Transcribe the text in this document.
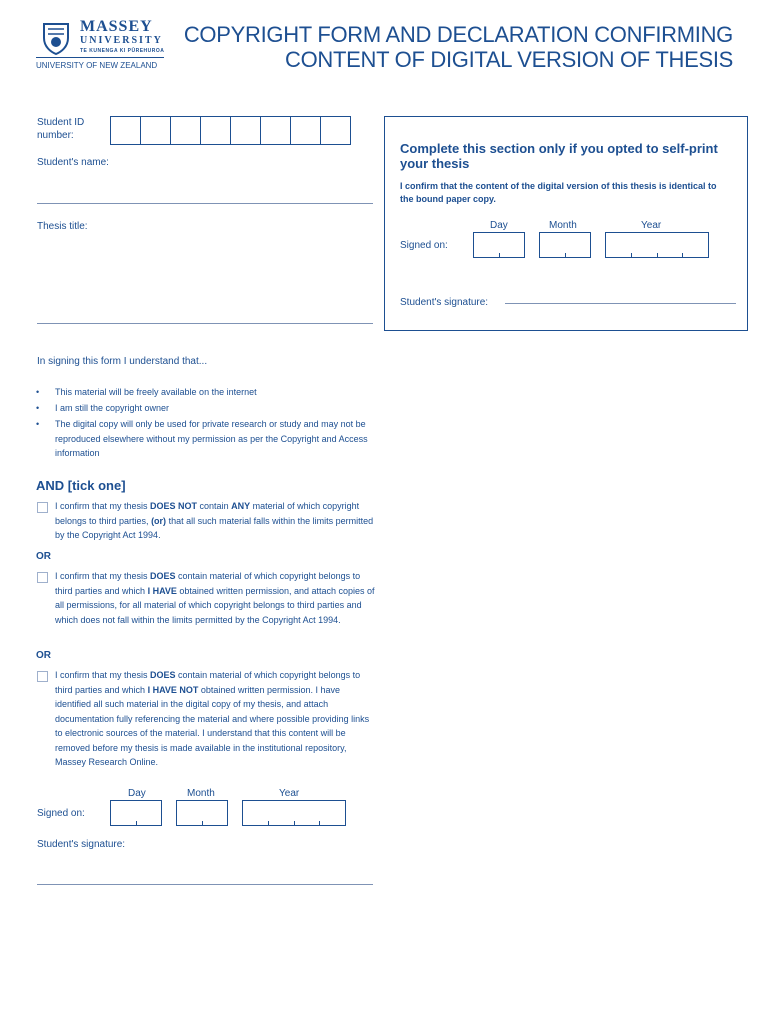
MASSEY
UNIVERSITY
TE KUNENGA KI PŪREHUROA
UNIVERSITY OF NEW ZEALAND
COPYRIGHT FORM AND DECLARATION CONFIRMING
CONTENT OF DIGITAL VERSION OF THESIS
Student ID number:
Student's name:
Thesis title:
Complete this section only if you opted to self-print your thesis
I confirm that the content of the digital version of this thesis is identical to the bound paper copy.
Day	Month	Year
Signed on:
Student's signature:
In signing this form I understand that...
• This material will be freely available on the internet
• I am still the copyright owner
• The digital copy will only be used for private research or study and may not be reproduced elsewhere without my permission as per the Copyright and Access information
AND [tick one]
I confirm that my thesis DOES NOT contain ANY material of which copyright belongs to third parties, (or) that all such material falls within the limits permitted by the Copyright Act 1994.
OR
I confirm that my thesis DOES contain material of which copyright belongs to third parties and which I HAVE obtained written permission, and attach copies of all permissions, for all material of which copyright belongs to third parties and which does not fall within the limits permitted by the Copyright Act 1994.
OR
I confirm that my thesis DOES contain material of which copyright belongs to third parties and which I HAVE NOT obtained written permission. I have identified all such material in the digital copy of my thesis, and attach documentation fully referencing the material and where possible providing links to electronic sources of the material. I understand that this content will be removed before my thesis is made available in the institutional repository, Massey Research Online.
Day	Month	Year
Signed on:
Student's signature:
